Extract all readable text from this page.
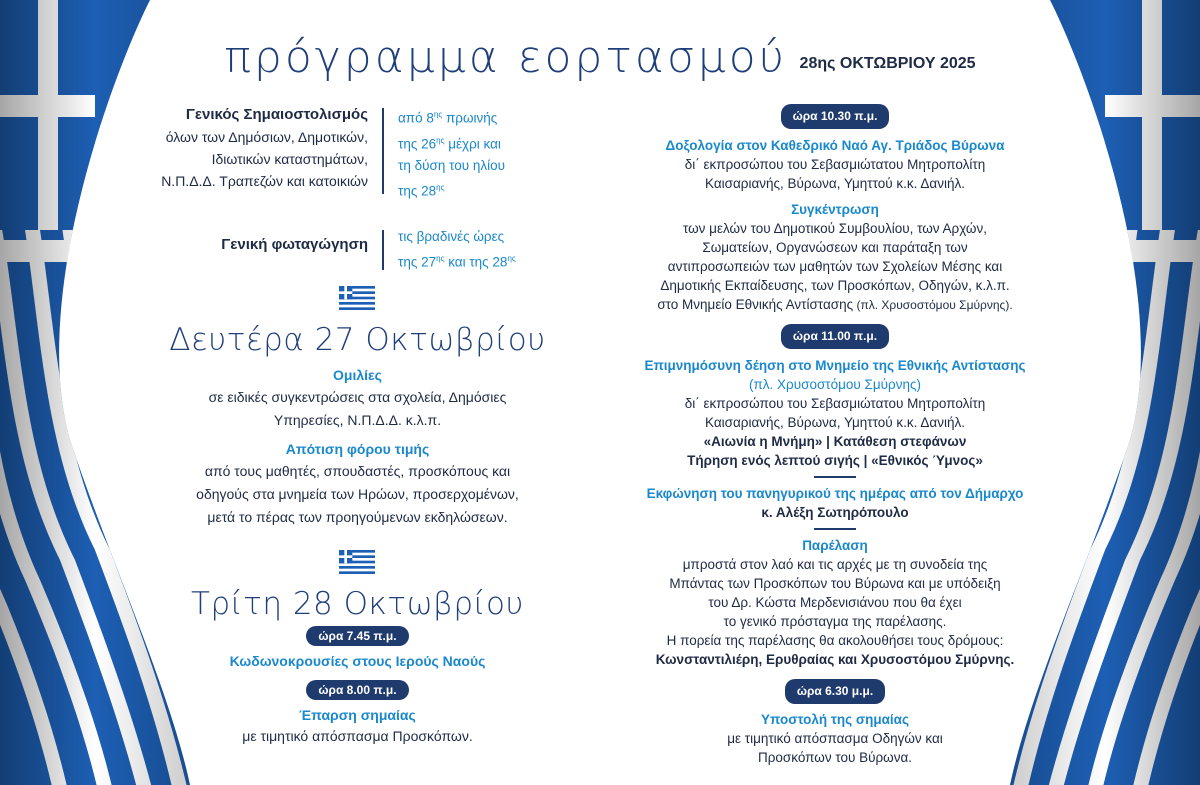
πρόγραμμα εορτασμού 28ης ΟΚΤΩΒΡΙΟΥ 2025
Γενικός Σημαιοστολισμός
όλων των Δημόσιων, Δημοτικών,
Ιδιωτικών καταστημάτων,
Ν.Π.Δ.Δ. Τραπεζών και κατοικιών
από $8^{\eta\varsigma}$ πρωινής
της $26^{\eta\varsigma}$ μέχρι και
τη δύση του ηλίου
της $28^{\eta\varsigma}$
Γενική φωταγώγηση τις βραδινές ώρες
της $27^{\eta\varsigma}$ και της $28^{\eta\varsigma}$
Δευτέρα 27 Οκτωβρίου
Ομιλίες
σε ειδικές συγκεντρώσεις στα σχολεία, Δημόσιες
Υπηρεσίες, Ν.Π.Δ.Δ. κ.λ.π.
Απότιση φόρου τιμής
από τους μαθητές, σπουδαστές, προσκόπους και
οδηγούς στα μνημεία των Ηρώων, προσερχομένων,
μετά το πέρας των προηγούμενων εκδηλώσεων.
Τρίτη 28 Οκτωβρίου
ώρα 7.45 π.μ.
Κωδωνοκρουσίες στους Ιερούς Ναούς
ώρα 8.00 π.μ.
Έπαρση σημαίας
με τιμητικό απόσπασμα Προσκόπων.
ώρα 10.30 π.μ.
Δοξολογία στον Καθεδρικό Ναό Αγ. Τριάδος Βύρωνα
δι΄ εκπροσώπου του Σεβασμιώτατου Μητροπολίτη
Καισαριανής, Βύρωνα, Υμηττού κ.κ. Δανιήλ.
Συγκέντρωση
των μελών του Δημοτικού Συμβουλίου, των Αρχών,
Σωματείων, Οργανώσεων και παράταξη των
αντιπροσωπειών των μαθητών των Σχολείων Μέσης και
Δημοτικής Εκπαίδευσης, των Προσκόπων, Οδηγών, κ.λ.π.
στο Μνημείο Εθνικής Αντίστασης (πλ. Χρυσοστόμου Σμύρνης).
ώρα 11.00 π.μ.
Επιμνημόσυνη δέηση στο Μνημείο της Εθνικής Αντίστασης
(πλ. Χρυσοστόμου Σμύρνης)
δι΄ εκπροσώπου του Σεβασμιώτατου Μητροπολίτη
Καισαριανής, Βύρωνα, Υμηττού κ.κ. Δανιήλ.
«Αιωνία η Μνήμη» | Κατάθεση στεφάνων
Τήρηση ενός λεπτού σιγής | «Εθνικός Ύμνος»
Εκφώνηση του πανηγυρικού της ημέρας από τον Δήμαρχο
κ. Αλέξη Σωτηρόπουλο
Παρέλαση
μπροστά στον λαό και τις αρχές με τη συνοδεία της
Μπάντας των Προσκόπων του Βύρωνα και με υπόδειξη
του Δρ. Κώστα Μερδενισιάνου που θα έχει
το γενικό πρόσταγμα της παρέλασης.
Η πορεία της παρέλασης θα ακολουθήσει τους δρόμους:
Κωνσταντιλιέρη, Ερυθραίας και Χρυσοστόμου Σμύρνης.
ώρα 6.30 μ.μ.
Υποστολή της σημαίας
με τιμητικό απόσπασμα Οδηγών και
Προσκόπων του Βύρωνα.
